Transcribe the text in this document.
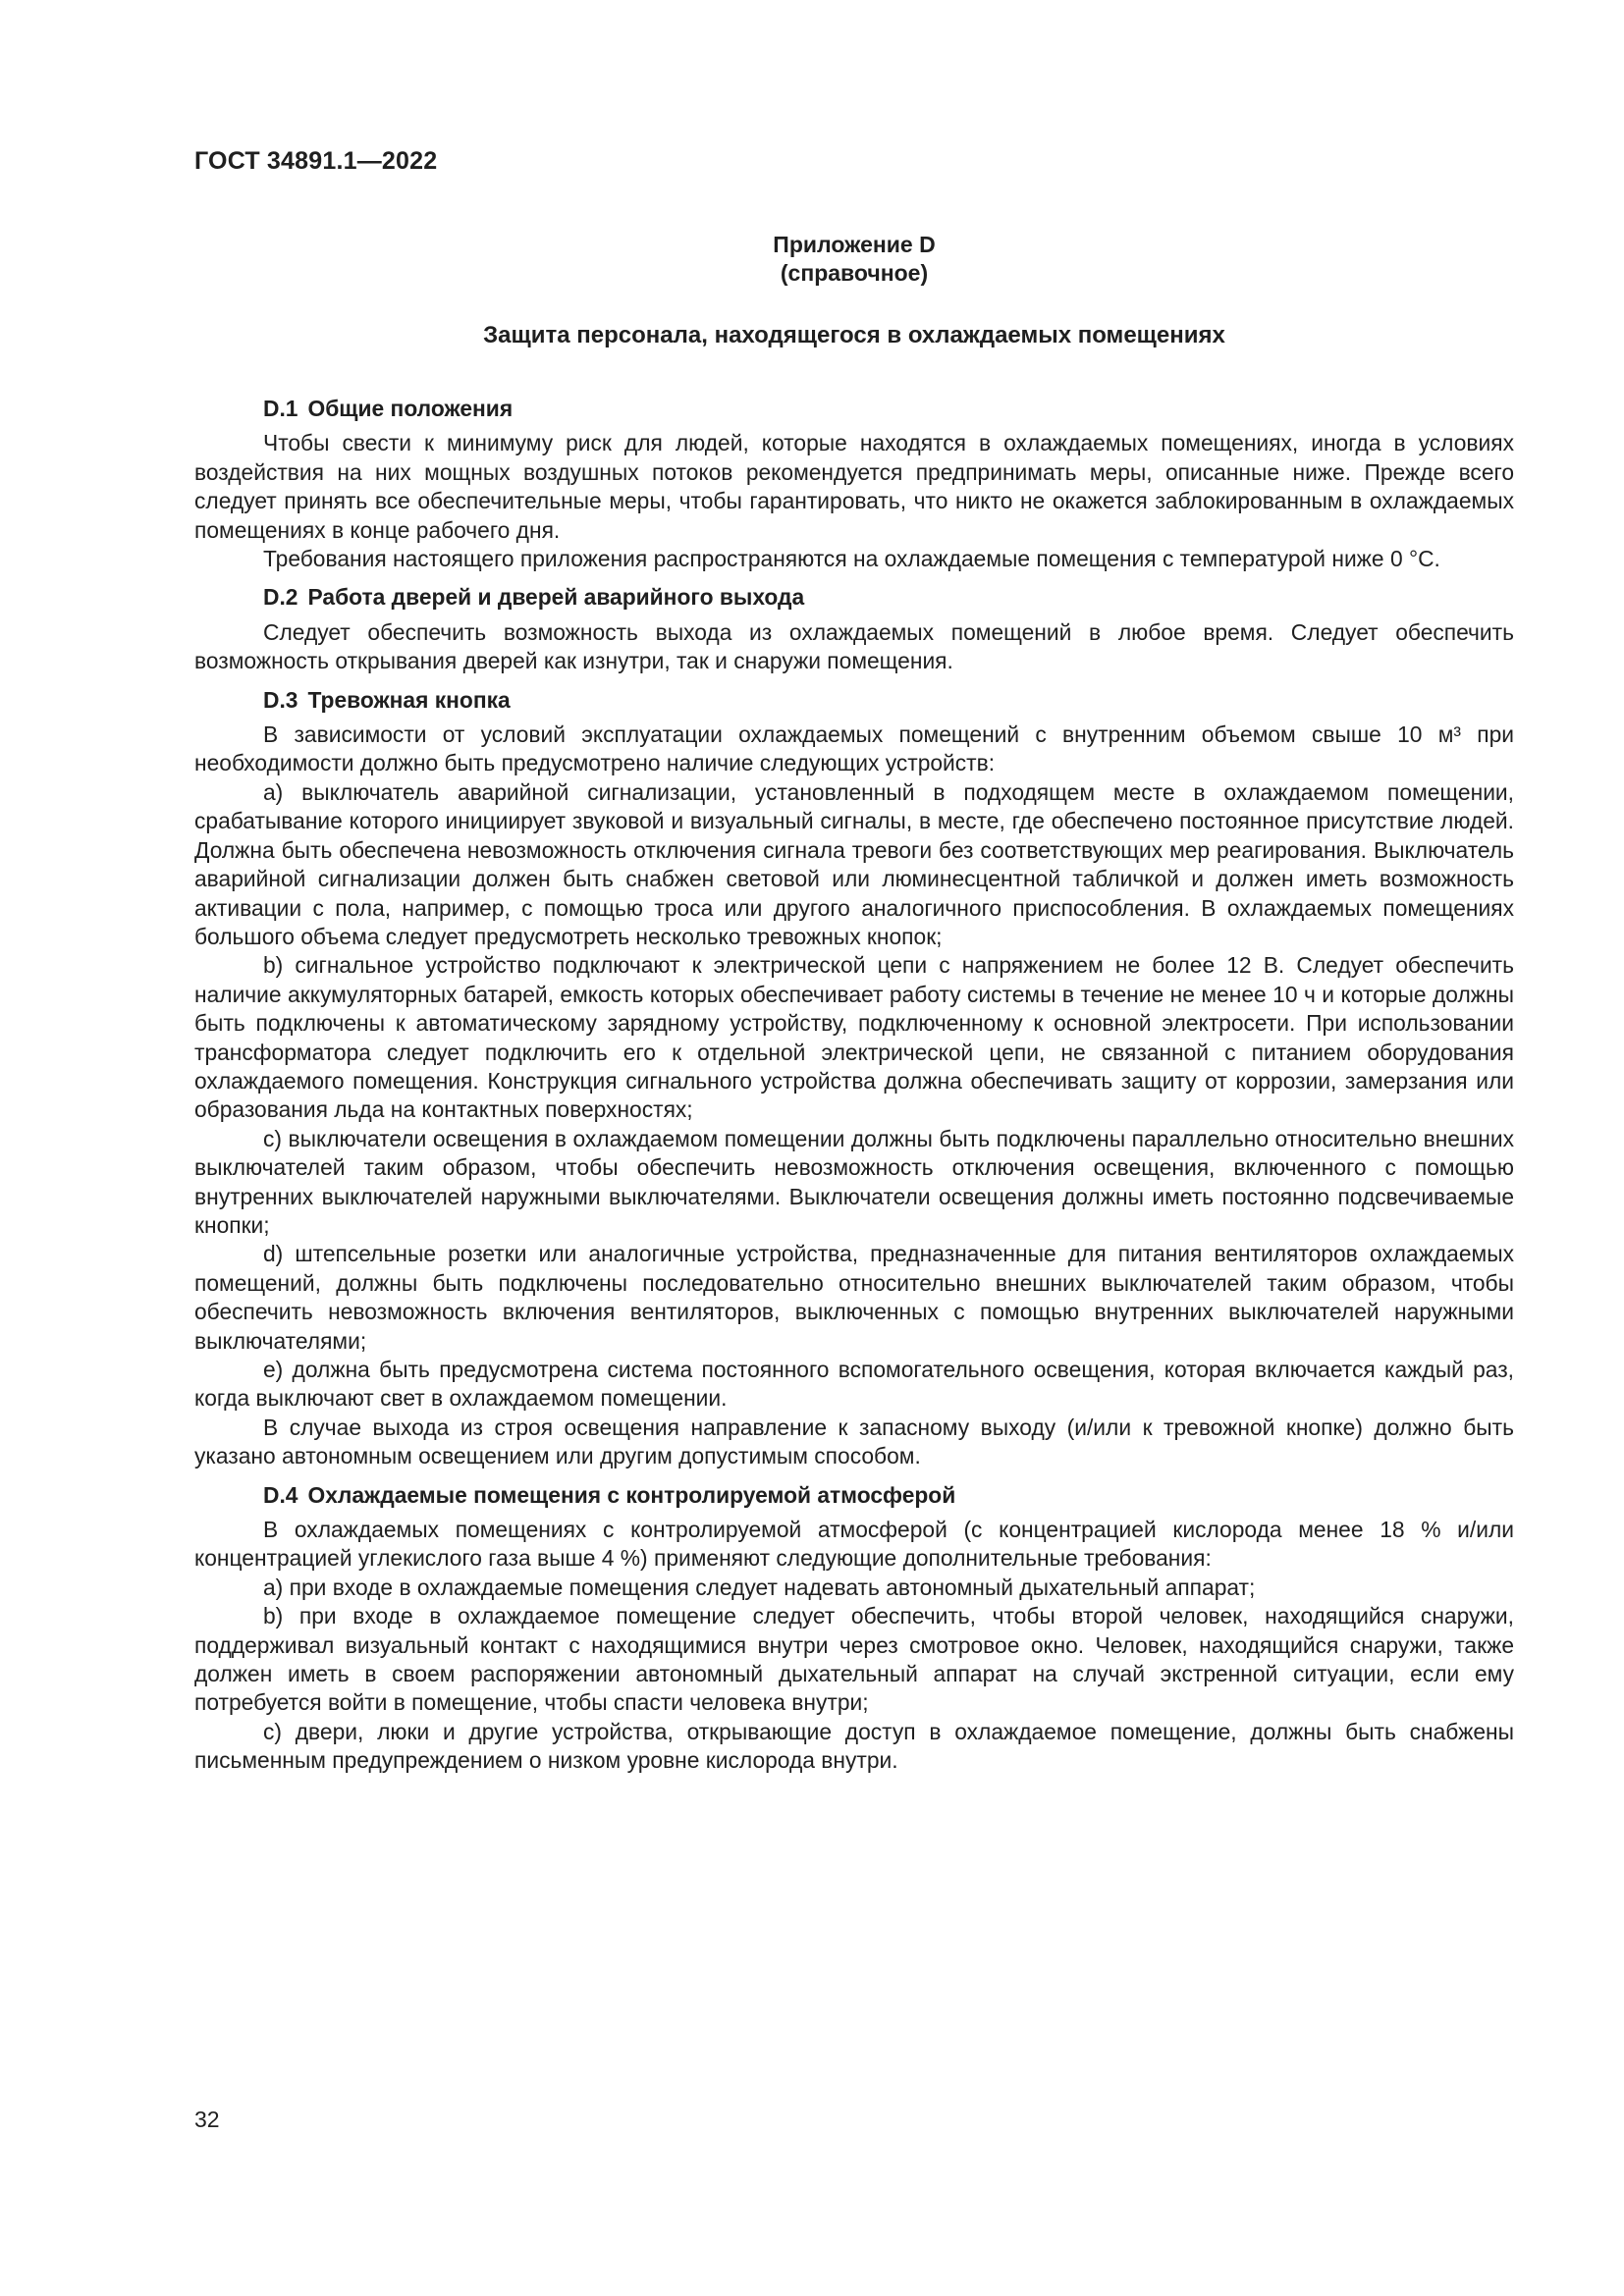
ГОСТ 34891.1—2022
Приложение D
(справочное)
Защита персонала, находящегося в охлаждаемых помещениях
D.1 Общие положения

Чтобы свести к минимуму риск для людей, которые находятся в охлаждаемых помещениях, иногда в условиях воздействия на них мощных воздушных потоков рекомендуется предпринимать меры, описанные ниже. Прежде всего следует принять все обеспечительные меры, чтобы гарантировать, что никто не окажется заблокированным в охлаждаемых помещениях в конце рабочего дня.

Требования настоящего приложения распространяются на охлаждаемые помещения с температурой ниже 0 °С.

D.2 Работа дверей и дверей аварийного выхода

Следует обеспечить возможность выхода из охлаждаемых помещений в любое время. Следует обеспечить возможность открывания дверей как изнутри, так и снаружи помещения.

D.3 Тревожная кнопка

В зависимости от условий эксплуатации охлаждаемых помещений с внутренним объемом свыше 10 м³ при необходимости должно быть предусмотрено наличие следующих устройств:

a) выключатель аварийной сигнализации, установленный в подходящем месте в охлаждаемом помещении, срабатывание которого инициирует звуковой и визуальный сигналы, в месте, где обеспечено постоянное присутствие людей. Должна быть обеспечена невозможность отключения сигнала тревоги без соответствующих мер реагирования. Выключатель аварийной сигнализации должен быть снабжен световой или люминесцентной табличкой и должен иметь возможность активации с пола, например, с помощью троса или другого аналогичного приспособления. В охлаждаемых помещениях большого объема следует предусмотреть несколько тревожных кнопок;

b) сигнальное устройство подключают к электрической цепи с напряжением не более 12 В. Следует обеспечить наличие аккумуляторных батарей, емкость которых обеспечивает работу системы в течение не менее 10 ч и которые должны быть подключены к автоматическому зарядному устройству, подключенному к основной электросети. При использовании трансформатора следует подключить его к отдельной электрической цепи, не связанной с питанием оборудования охлаждаемого помещения. Конструкция сигнального устройства должна обеспечивать защиту от коррозии, замерзания или образования льда на контактных поверхностях;

c) выключатели освещения в охлаждаемом помещении должны быть подключены параллельно относительно внешних выключателей таким образом, чтобы обеспечить невозможность отключения освещения, включенного с помощью внутренних выключателей наружными выключателями. Выключатели освещения должны иметь постоянно подсвечиваемые кнопки;

d) штепсельные розетки или аналогичные устройства, предназначенные для питания вентиляторов охлаждаемых помещений, должны быть подключены последовательно относительно внешних выключателей таким образом, чтобы обеспечить невозможность включения вентиляторов, выключенных с помощью внутренних выключателей наружными выключателями;

e) должна быть предусмотрена система постоянного вспомогательного освещения, которая включается каждый раз, когда выключают свет в охлаждаемом помещении.

В случае выхода из строя освещения направление к запасному выходу (и/или к тревожной кнопке) должно быть указано автономным освещением или другим допустимым способом.

D.4 Охлаждаемые помещения с контролируемой атмосферой

В охлаждаемых помещениях с контролируемой атмосферой (с концентрацией кислорода менее 18 % и/или концентрацией углекислого газа выше 4 %) применяют следующие дополнительные требования:

a) при входе в охлаждаемые помещения следует надевать автономный дыхательный аппарат;

b) при входе в охлаждаемое помещение следует обеспечить, чтобы второй человек, находящийся снаружи, поддерживал визуальный контакт с находящимися внутри через смотровое окно. Человек, находящийся снаружи, также должен иметь в своем распоряжении автономный дыхательный аппарат на случай экстренной ситуации, если ему потребуется войти в помещение, чтобы спасти человека внутри;

c) двери, люки и другие устройства, открывающие доступ в охлаждаемое помещение, должны быть снабжены письменным предупреждением о низком уровне кислорода внутри.

32
